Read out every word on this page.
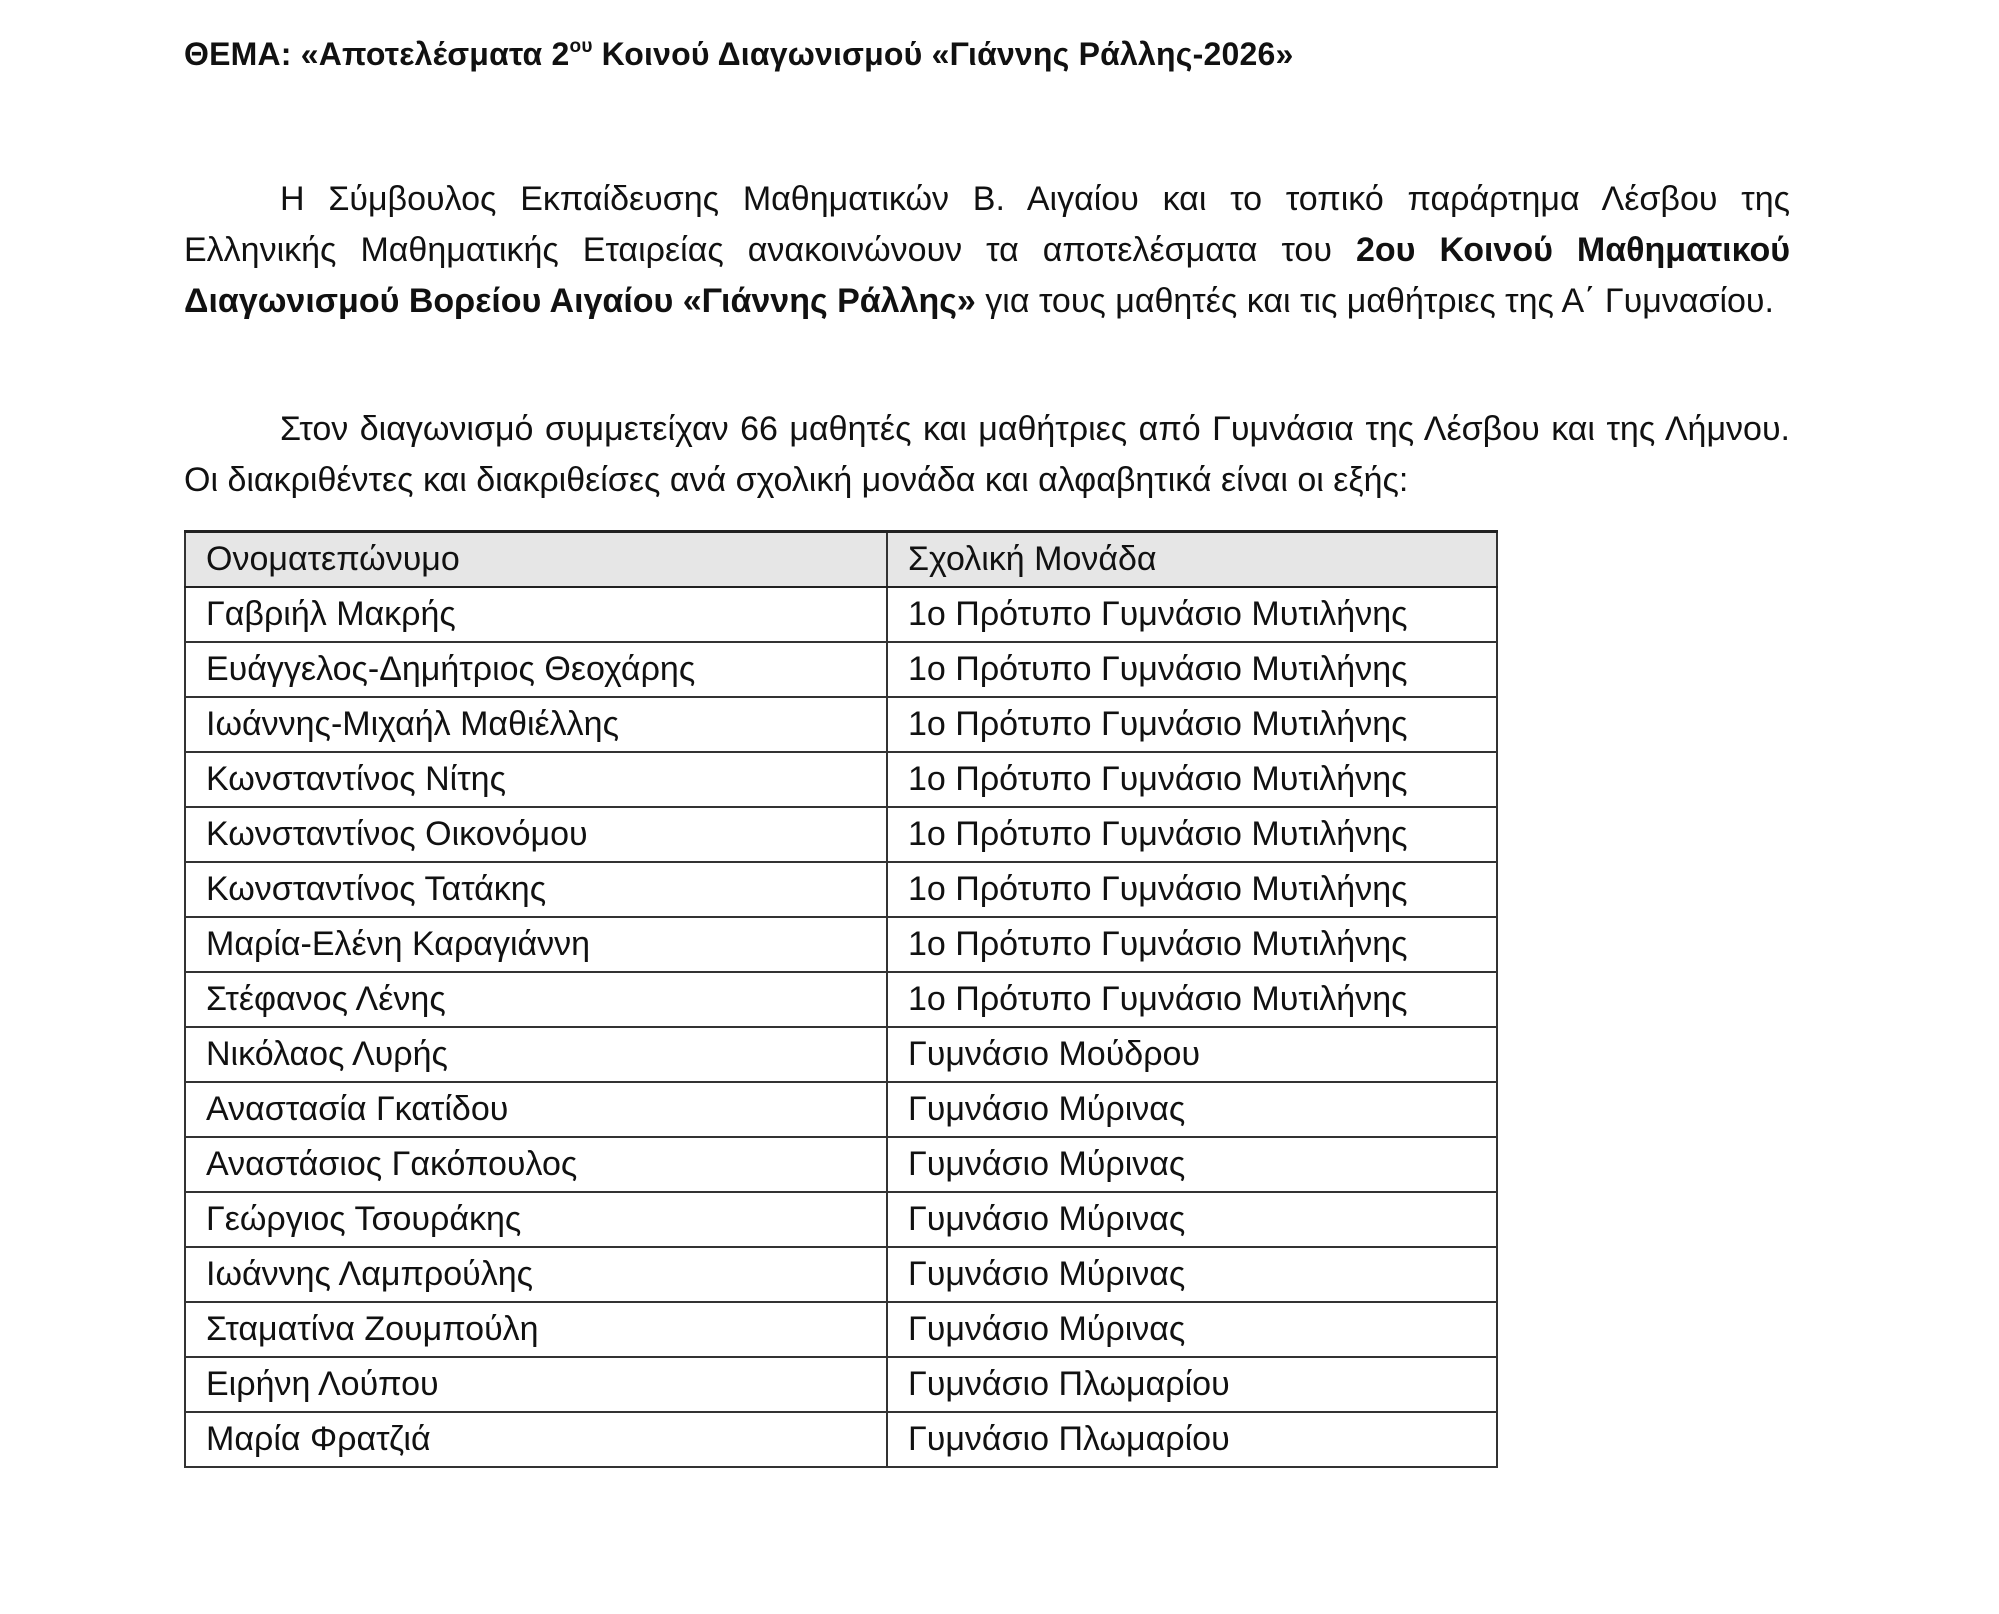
ΘΕΜΑ: «Αποτελέσματα $2^{o\upsilon}$ Κοινού Διαγωνισμού «Γιάννης Ράλλης-2026»

Η Σύμβουλος Εκπαίδευσης Μαθηματικών Β. Αιγαίου και το τοπικό παράρτημα Λέσβου της Ελληνικής Μαθηματικής Εταιρείας ανακοινώνουν τα αποτελέσματα του 2ου Κοινού Μαθηματικού Διαγωνισμού Βορείου Αιγαίου «Γιάννης Ράλλης» για τους μαθητές και τις μαθήτριες της Α΄ Γυμνασίου.

Στον διαγωνισμό συμμετείχαν 66 μαθητές και μαθήτριες από Γυμνάσια της Λέσβου και της Λήμνου. Οι διακριθέντες και διακριθείσες ανά σχολική μονάδα και αλφαβητικά είναι οι εξής:

Ονοματεπώνυμο	Σχολική Μονάδα
Γαβριήλ Μακρής	1ο Πρότυπο Γυμνάσιο Μυτιλήνης
Ευάγγελος-Δημήτριος Θεοχάρης	1ο Πρότυπο Γυμνάσιο Μυτιλήνης
Ιωάννης-Μιχαήλ Μαθιέλλης	1ο Πρότυπο Γυμνάσιο Μυτιλήνης
Κωνσταντίνος Νίτης	1ο Πρότυπο Γυμνάσιο Μυτιλήνης
Κωνσταντίνος Οικονόμου	1ο Πρότυπο Γυμνάσιο Μυτιλήνης
Κωνσταντίνος Τατάκης	1ο Πρότυπο Γυμνάσιο Μυτιλήνης
Μαρία-Ελένη Καραγιάννη	1ο Πρότυπο Γυμνάσιο Μυτιλήνης
Στέφανος Λένης	1ο Πρότυπο Γυμνάσιο Μυτιλήνης
Νικόλαος Λυρής	Γυμνάσιο Μούδρου
Αναστασία Γκατίδου	Γυμνάσιο Μύρινας
Αναστάσιος Γακόπουλος	Γυμνάσιο Μύρινας
Γεώργιος Τσουράκης	Γυμνάσιο Μύρινας
Ιωάννης Λαμπρούλης	Γυμνάσιο Μύρινας
Σταματίνα Ζουμπούλη	Γυμνάσιο Μύρινας
Ειρήνη Λούπου	Γυμνάσιο Πλωμαρίου
Μαρία Φρατζιά	Γυμνάσιο Πλωμαρίου
